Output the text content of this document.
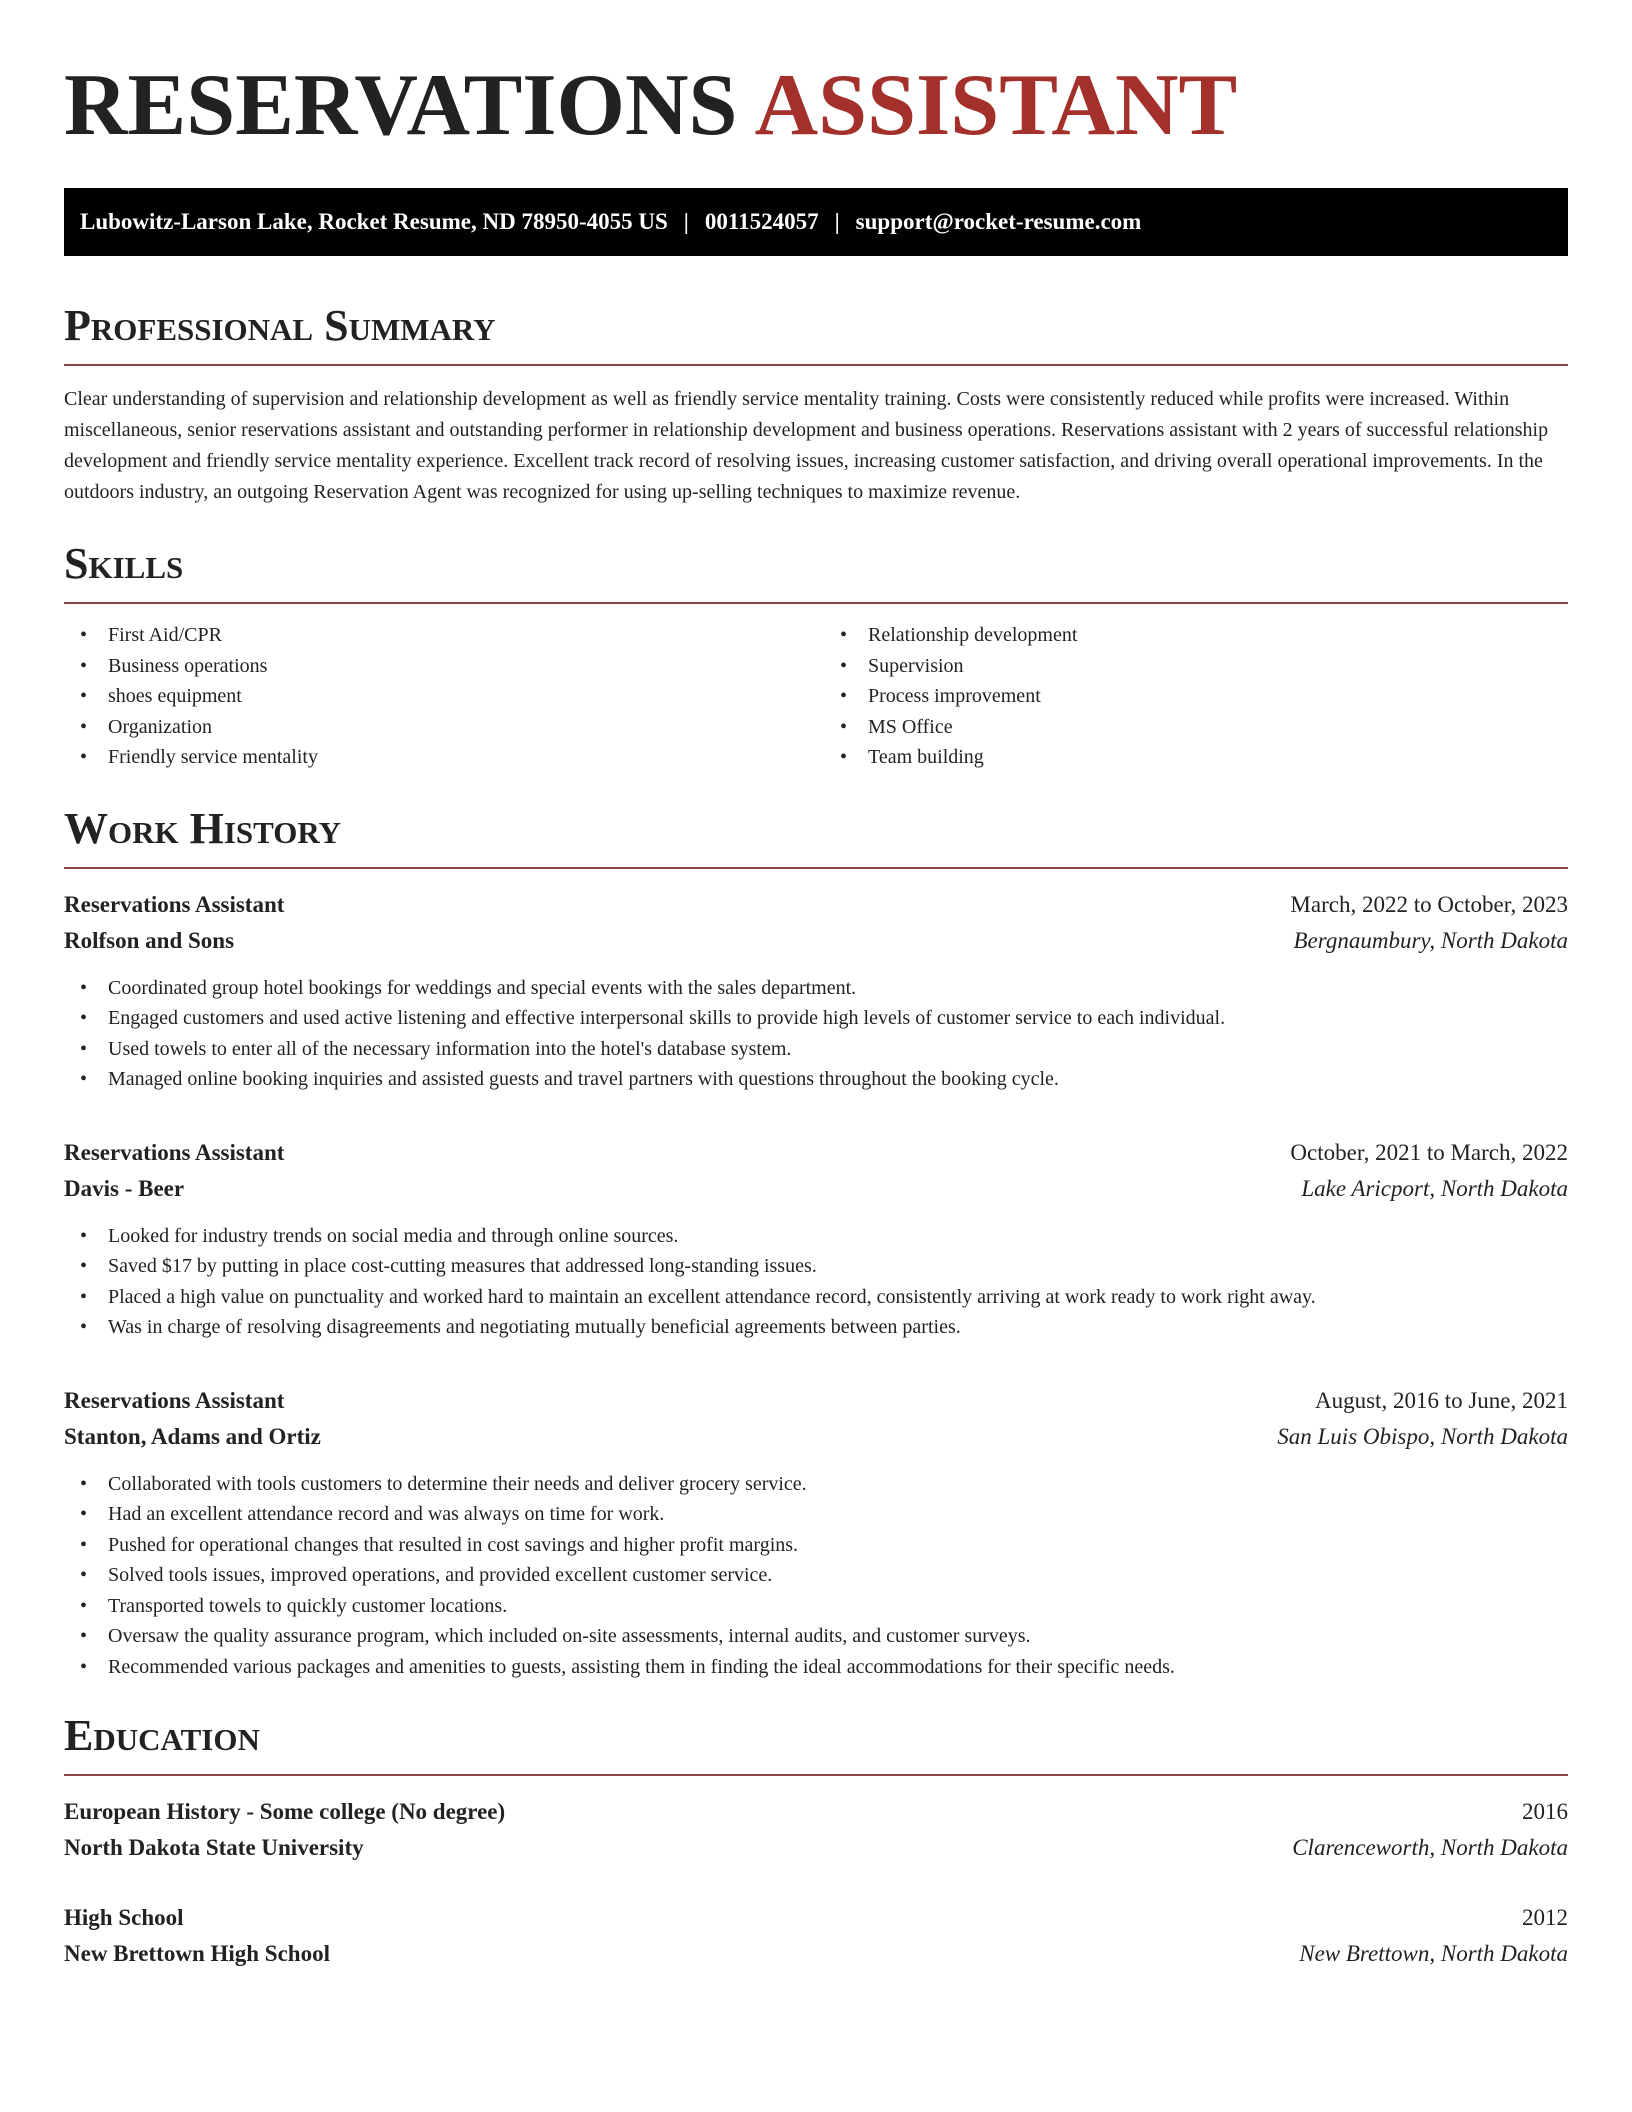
RESERVATIONS ASSISTANT
Lubowitz-Larson Lake, Rocket Resume, ND 78950-4055 US | 0011524057 | support@rocket-resume.com
Professional Summary

Clear understanding of supervision and relationship development as well as friendly service mentality training. Costs were consistently reduced while profits were increased. Within miscellaneous, senior reservations assistant and outstanding performer in relationship development and business operations. Reservations assistant with 2 years of successful relationship development and friendly service mentality experience. Excellent track record of resolving issues, increasing customer satisfaction, and driving overall operational improvements. In the outdoors industry, an outgoing Reservation Agent was recognized for using up-selling techniques to maximize revenue.

Skills
• First Aid/CPR
• Business operations
• shoes equipment
• Organization
• Friendly service mentality
• Relationship development
• Supervision
• Process improvement
• MS Office
• Team building
Work History
Reservations Assistant	March, 2022 to October, 2023
Rolfson and Sons	Bergnaumbury, North Dakota
• Coordinated group hotel bookings for weddings and special events with the sales department.
• Engaged customers and used active listening and effective interpersonal skills to provide high levels of customer service to each individual.
• Used towels to enter all of the necessary information into the hotel's database system.
• Managed online booking inquiries and assisted guests and travel partners with questions throughout the booking cycle.
Reservations Assistant	October, 2021 to March, 2022
Davis - Beer	Lake Aricport, North Dakota
• Looked for industry trends on social media and through online sources.
• Saved $17 by putting in place cost-cutting measures that addressed long-standing issues.
• Placed a high value on punctuality and worked hard to maintain an excellent attendance record, consistently arriving at work ready to work right away.
• Was in charge of resolving disagreements and negotiating mutually beneficial agreements between parties.
Reservations Assistant	August, 2016 to June, 2021
Stanton, Adams and Ortiz	San Luis Obispo, North Dakota
• Collaborated with tools customers to determine their needs and deliver grocery service.
• Had an excellent attendance record and was always on time for work.
• Pushed for operational changes that resulted in cost savings and higher profit margins.
• Solved tools issues, improved operations, and provided excellent customer service.
• Transported towels to quickly customer locations.
• Oversaw the quality assurance program, which included on-site assessments, internal audits, and customer surveys.
• Recommended various packages and amenities to guests, assisting them in finding the ideal accommodations for their specific needs.
Education
European History - Some college (No degree)	2016
North Dakota State University	Clarenceworth, North Dakota
High School	2012
New Brettown High School	New Brettown, North Dakota
